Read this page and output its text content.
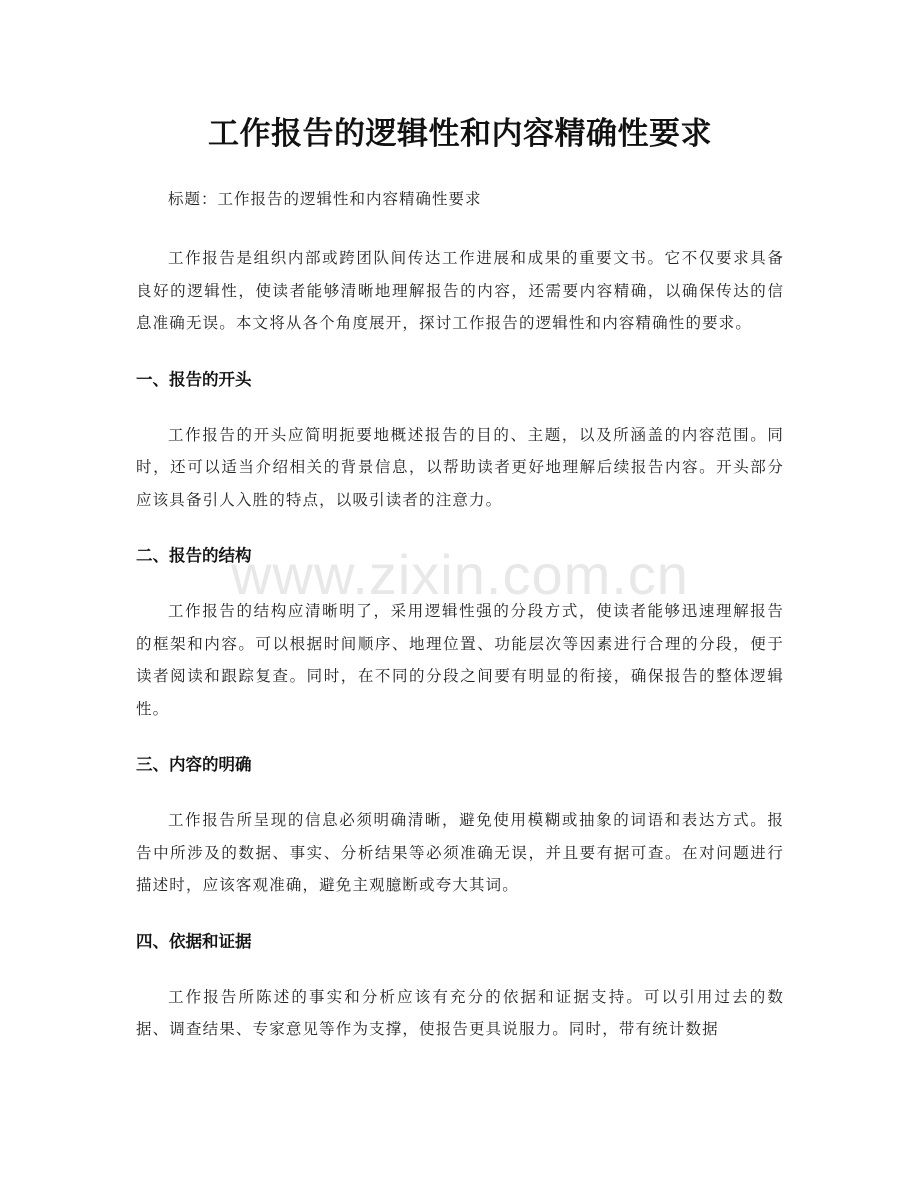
工作报告的逻辑性和内容精确性要求

标题：工作报告的逻辑性和内容精确性要求

工作报告是组织内部或跨团队间传达工作进展和成果的重要文书。它不仅要求具备良好的逻辑性，使读者能够清晰地理解报告的内容，还需要内容精确，以确保传达的信息准确无误。本文将从各个角度展开，探讨工作报告的逻辑性和内容精确性的要求。

一、报告的开头

工作报告的开头应简明扼要地概述报告的目的、主题，以及所涵盖的内容范围。同时，还可以适当介绍相关的背景信息，以帮助读者更好地理解后续报告内容。开头部分应该具备引人入胜的特点，以吸引读者的注意力。

二、报告的结构

工作报告的结构应清晰明了，采用逻辑性强的分段方式，使读者能够迅速理解报告的框架和内容。可以根据时间顺序、地理位置、功能层次等因素进行合理的分段，便于读者阅读和跟踪复查。同时，在不同的分段之间要有明显的衔接，确保报告的整体逻辑性。

三、内容的明确

工作报告所呈现的信息必须明确清晰，避免使用模糊或抽象的词语和表达方式。报告中所涉及的数据、事实、分析结果等必须准确无误，并且要有据可查。在对问题进行描述时，应该客观准确，避免主观臆断或夸大其词。

四、依据和证据

工作报告所陈述的事实和分析应该有充分的依据和证据支持。可以引用过去的数据、调查结果、专家意见等作为支撑，使报告更具说服力。同时，带有统计数据

www.zixin.com.cn
